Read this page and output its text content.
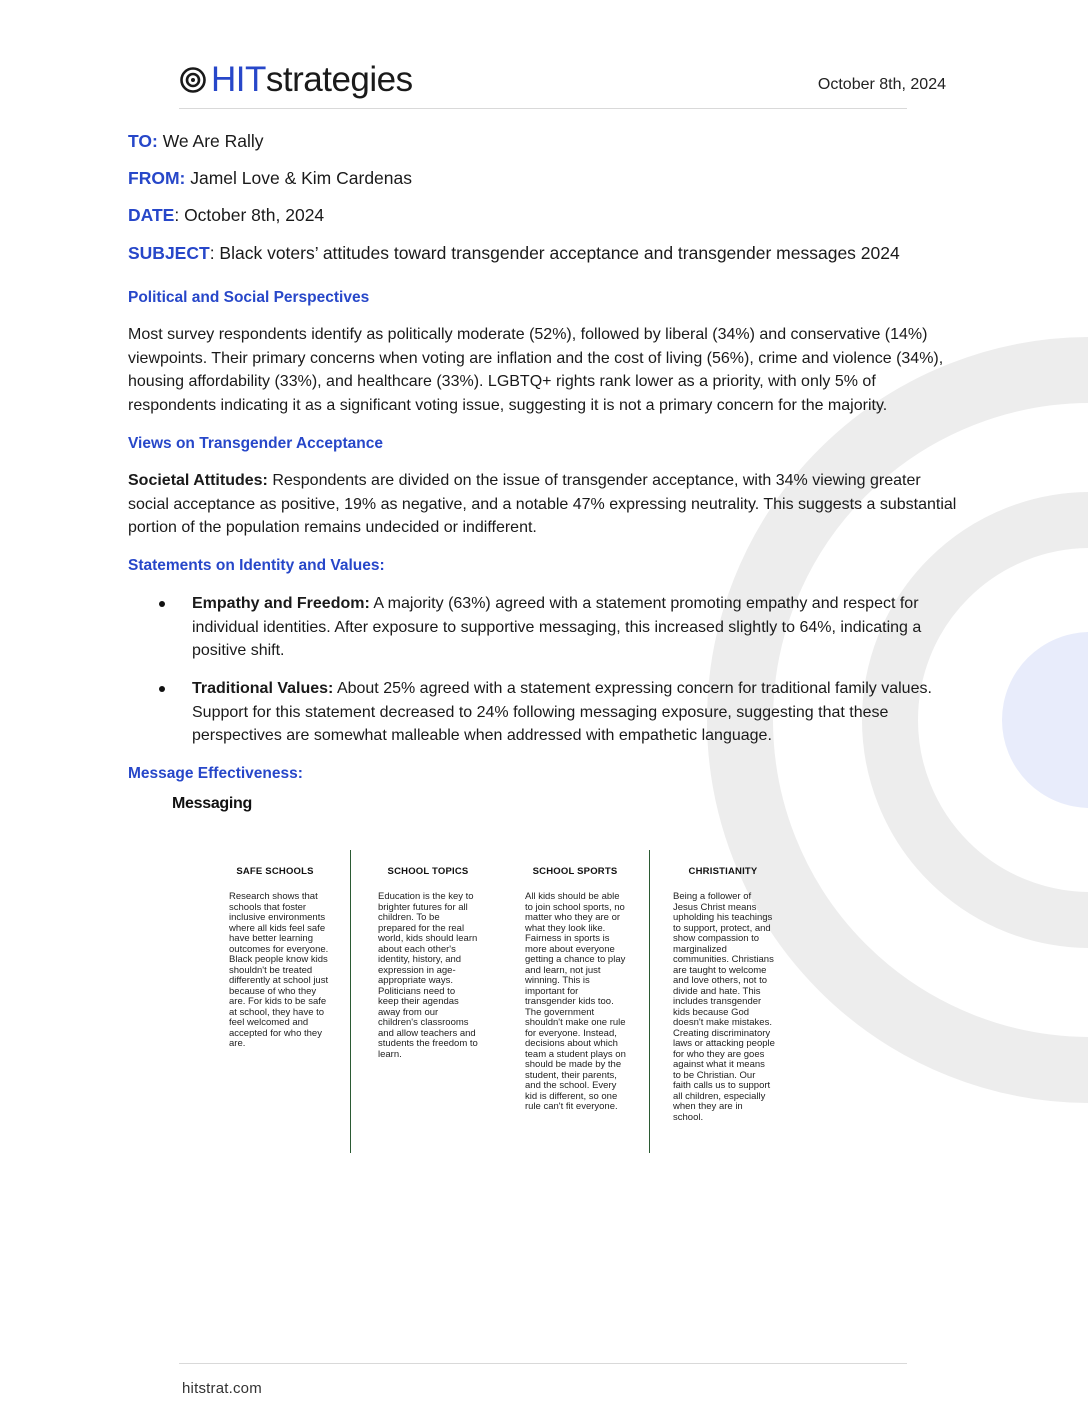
HIT strategies	October 8th, 2024
TO: We Are Rally
FROM: Jamel Love & Kim Cardenas
DATE: October 8th, 2024
SUBJECT: Black voters’ attitudes toward transgender acceptance and transgender messages 2024
Political and Social Perspectives
Most survey respondents identify as politically moderate (52%), followed by liberal (34%) and conservative (14%) viewpoints. Their primary concerns when voting are inflation and the cost of living (56%), crime and violence (34%), housing affordability (33%), and healthcare (33%). LGBTQ+ rights rank lower as a priority, with only 5% of respondents indicating it as a significant voting issue, suggesting it is not a primary concern for the majority.
Views on Transgender Acceptance
Societal Attitudes: Respondents are divided on the issue of transgender acceptance, with 34% viewing greater social acceptance as positive, 19% as negative, and a notable 47% expressing neutrality. This suggests a substantial portion of the population remains undecided or indifferent.
Statements on Identity and Values:
Empathy and Freedom: A majority (63%) agreed with a statement promoting empathy and respect for individual identities. After exposure to supportive messaging, this increased slightly to 64%, indicating a positive shift.
Traditional Values: About 25% agreed with a statement expressing concern for traditional family values. Support for this statement decreased to 24% following messaging exposure, suggesting that these perspectives are somewhat malleable when addressed with empathetic language.
Message Effectiveness:
Messaging
SAFE SCHOOLS
Research shows that schools that foster inclusive environments where all kids feel safe have better learning outcomes for everyone. Black people know kids shouldn't be treated differently at school just because of who they are. For kids to be safe at school, they have to feel welcomed and accepted for who they are.
SCHOOL TOPICS
Education is the key to brighter futures for all children. To be prepared for the real world, kids should learn about each other's identity, history, and expression in age-appropriate ways. Politicians need to keep their agendas away from our children's classrooms and allow teachers and students the freedom to learn.
SCHOOL SPORTS
All kids should be able to join school sports, no matter who they are or what they look like. Fairness in sports is more about everyone getting a chance to play and learn, not just winning. This is important for transgender kids too. The government shouldn't make one rule for everyone. Instead, decisions about which team a student plays on should be made by the student, their parents, and the school. Every kid is different, so one rule can't fit everyone.
CHRISTIANITY
Being a follower of Jesus Christ means upholding his teachings to support, protect, and show compassion to marginalized communities. Christians are taught to welcome and love others, not to divide and hate. This includes transgender kids because God doesn't make mistakes. Creating discriminatory laws or attacking people for who they are goes against what it means to be Christian. Our faith calls us to support all children, especially when they are in school.
hitstrat.com
